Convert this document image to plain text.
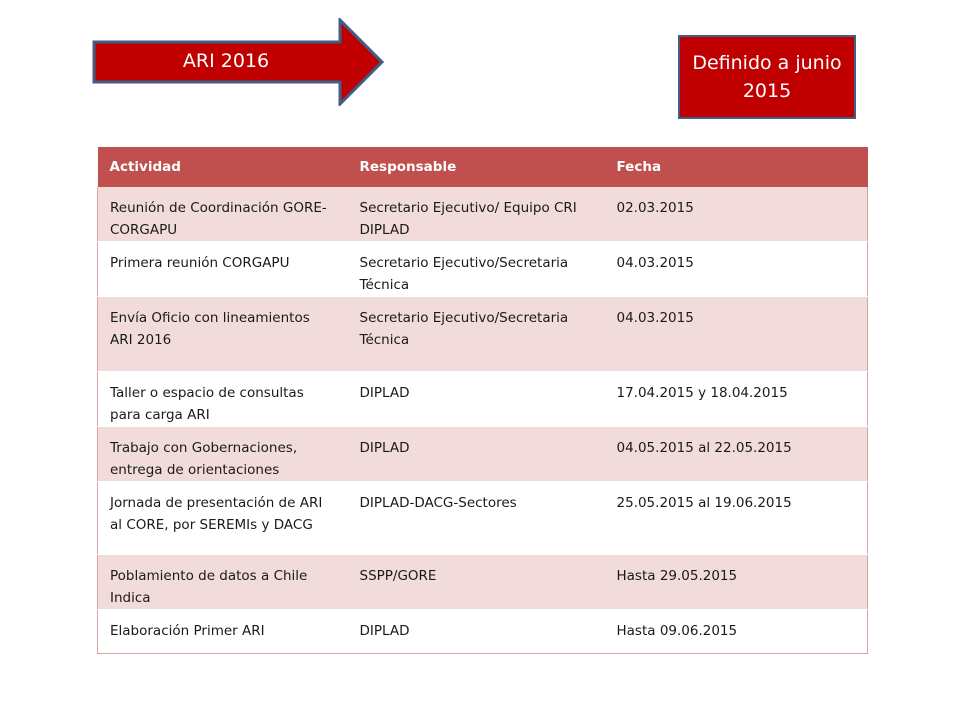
ARI 2016	Definido a junio 2015
Actividad	Responsable	Fecha
Reunión de Coordinación GORE-CORGAPU	Secretario Ejecutivo/ Equipo CRI DIPLAD	02.03.2015
Primera reunión CORGAPU	Secretario Ejecutivo/Secretaria Técnica	04.03.2015
Envía Oficio con lineamientos ARI 2016	Secretario Ejecutivo/Secretaria Técnica	04.03.2015
Taller o espacio de consultas para carga ARI	DIPLAD	17.04.2015 y 18.04.2015
Trabajo con Gobernaciones, entrega de orientaciones	DIPLAD	04.05.2015 al 22.05.2015
Jornada de presentación de ARI al CORE, por SEREMIs y DACG	DIPLAD-DACG-Sectores	25.05.2015 al 19.06.2015
Poblamiento de datos a Chile Indica	SSPP/GORE	Hasta 29.05.2015
Elaboración Primer ARI	DIPLAD	Hasta 09.06.2015
